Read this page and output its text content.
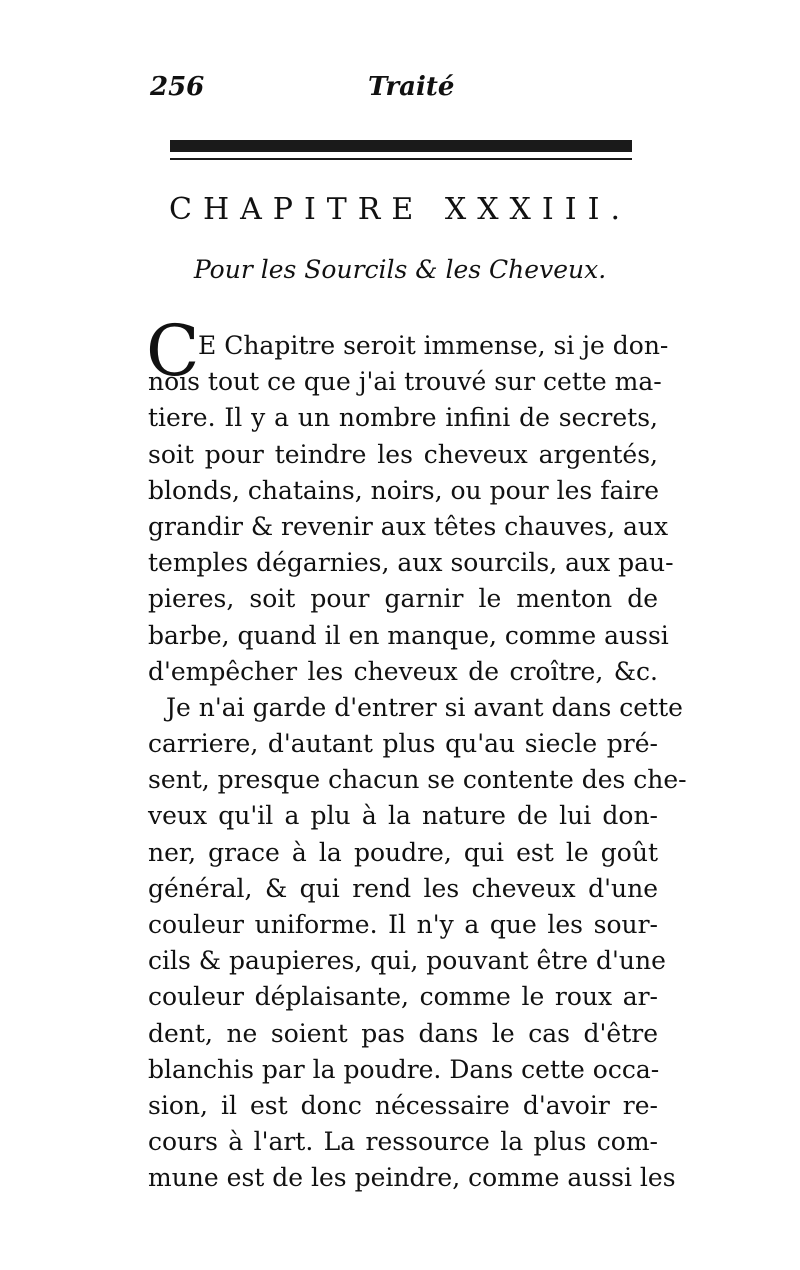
256	Traité
CHAPITRE XXXIII.
Pour les Sourcils & les Cheveux.
C
E Chapitre seroit immense, si je don-
nois tout ce que j'ai trouvé sur cette ma-
tiere. Il y a un nombre infini de secrets,
soit pour teindre les cheveux argentés,
blonds, chatains, noirs, ou pour les faire
grandir & revenir aux têtes chauves, aux
temples dégarnies, aux sourcils, aux pau-
pieres, soit pour garnir le menton de
barbe, quand il en manque, comme aussi
d'empêcher les cheveux de croître, &c.
Je n'ai garde d'entrer si avant dans cette
carriere, d'autant plus qu'au siecle pré-
sent, presque chacun se contente des che-
veux qu'il a plu à la nature de lui don-
ner, grace à la poudre, qui est le goût
général, & qui rend les cheveux d'une
couleur uniforme. Il n'y a que les sour-
cils & paupieres, qui, pouvant être d'une
couleur déplaisante, comme le roux ar-
dent, ne soient pas dans le cas d'être
blanchis par la poudre. Dans cette occa-
sion, il est donc nécessaire d'avoir re-
cours à l'art. La ressource la plus com-
mune est de les peindre, comme aussi les
